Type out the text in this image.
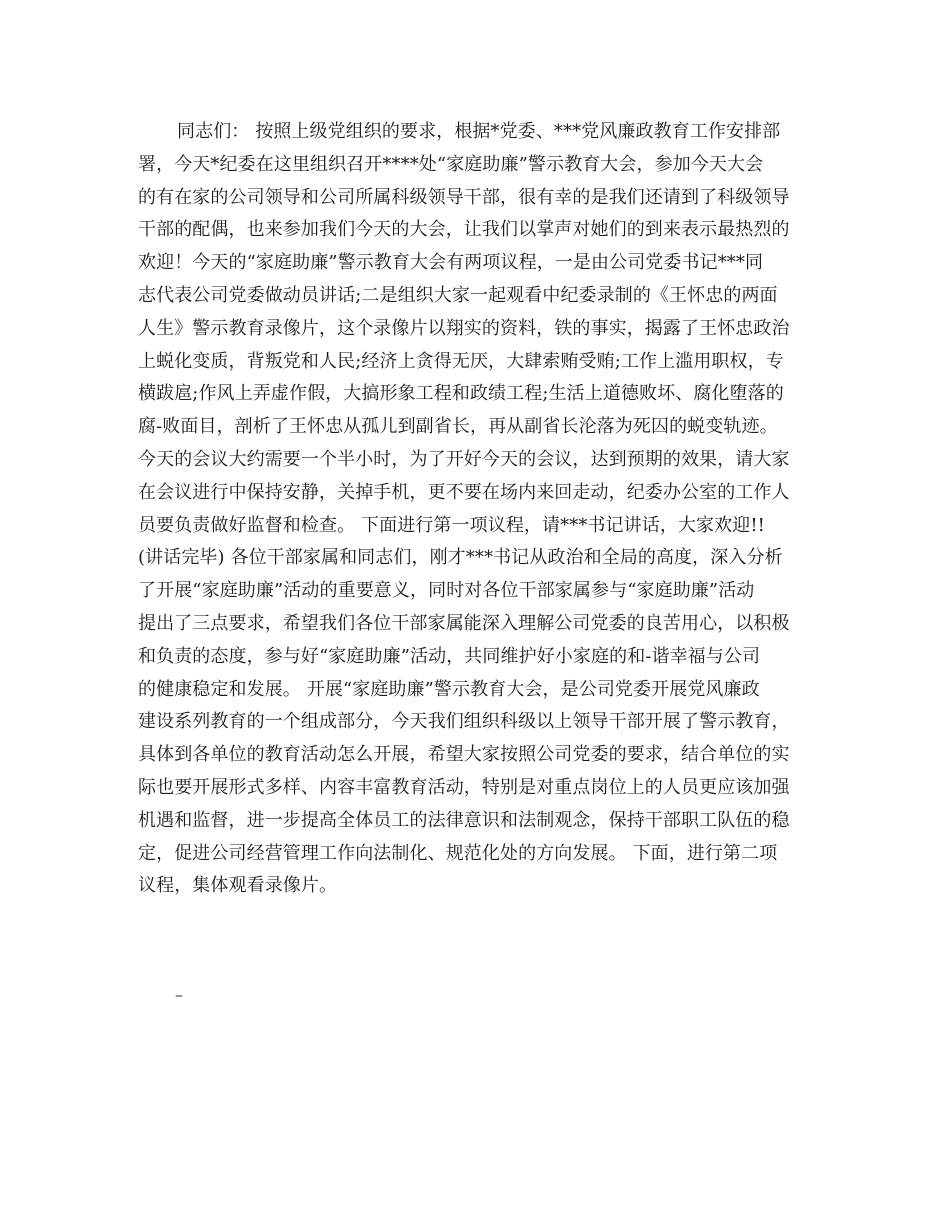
同志们： 按照上级党组织的要求，根据*党委、***党风廉政教育工作安排部
署，今天*纪委在这里组织召开****处“家庭助廉”警示教育大会，参加今天大会
的有在家的公司领导和公司所属科级领导干部，很有幸的是我们还请到了科级领导
干部的配偶，也来参加我们今天的大会，让我们以掌声对她们的到来表示最热烈的
欢迎！今天的“家庭助廉”警示教育大会有两项议程，一是由公司党委书记***同
志代表公司党委做动员讲话;二是组织大家一起观看中纪委录制的《王怀忠的两面
人生》警示教育录像片，这个录像片以翔实的资料，铁的事实，揭露了王怀忠政治
上蜕化变质，背叛党和人民;经济上贪得无厌，大肆索贿受贿;工作上滥用职权，专
横跋扈;作风上弄虚作假，大搞形象工程和政绩工程;生活上道德败坏、腐化堕落的
腐-败面目，剖析了王怀忠从孤儿到副省长，再从副省长沦落为死囚的蜕变轨迹。
今天的会议大约需要一个半小时，为了开好今天的会议，达到预期的效果，请大家
在会议进行中保持安静，关掉手机，更不要在场内来回走动，纪委办公室的工作人
员要负责做好监督和检查。 下面进行第一项议程，请***书记讲话，大家欢迎!!
(讲话完毕) 各位干部家属和同志们，刚才***书记从政治和全局的高度，深入分析
了开展“家庭助廉”活动的重要意义，同时对各位干部家属参与“家庭助廉”活动
提出了三点要求，希望我们各位干部家属能深入理解公司党委的良苦用心，以积极
和负责的态度，参与好“家庭助廉”活动，共同维护好小家庭的和-谐幸福与公司
的健康稳定和发展。 开展“家庭助廉”警示教育大会，是公司党委开展党风廉政
建设系列教育的一个组成部分，今天我们组织科级以上领导干部开展了警示教育，
具体到各单位的教育活动怎么开展，希望大家按照公司党委的要求，结合单位的实
际也要开展形式多样、内容丰富教育活动，特别是对重点岗位上的人员更应该加强
机遇和监督，进一步提高全体员工的法律意识和法制观念，保持干部职工队伍的稳
定，促进公司经营管理工作向法制化、规范化处的方向发展。 下面，进行第二项
议程，集体观看录像片。

–
